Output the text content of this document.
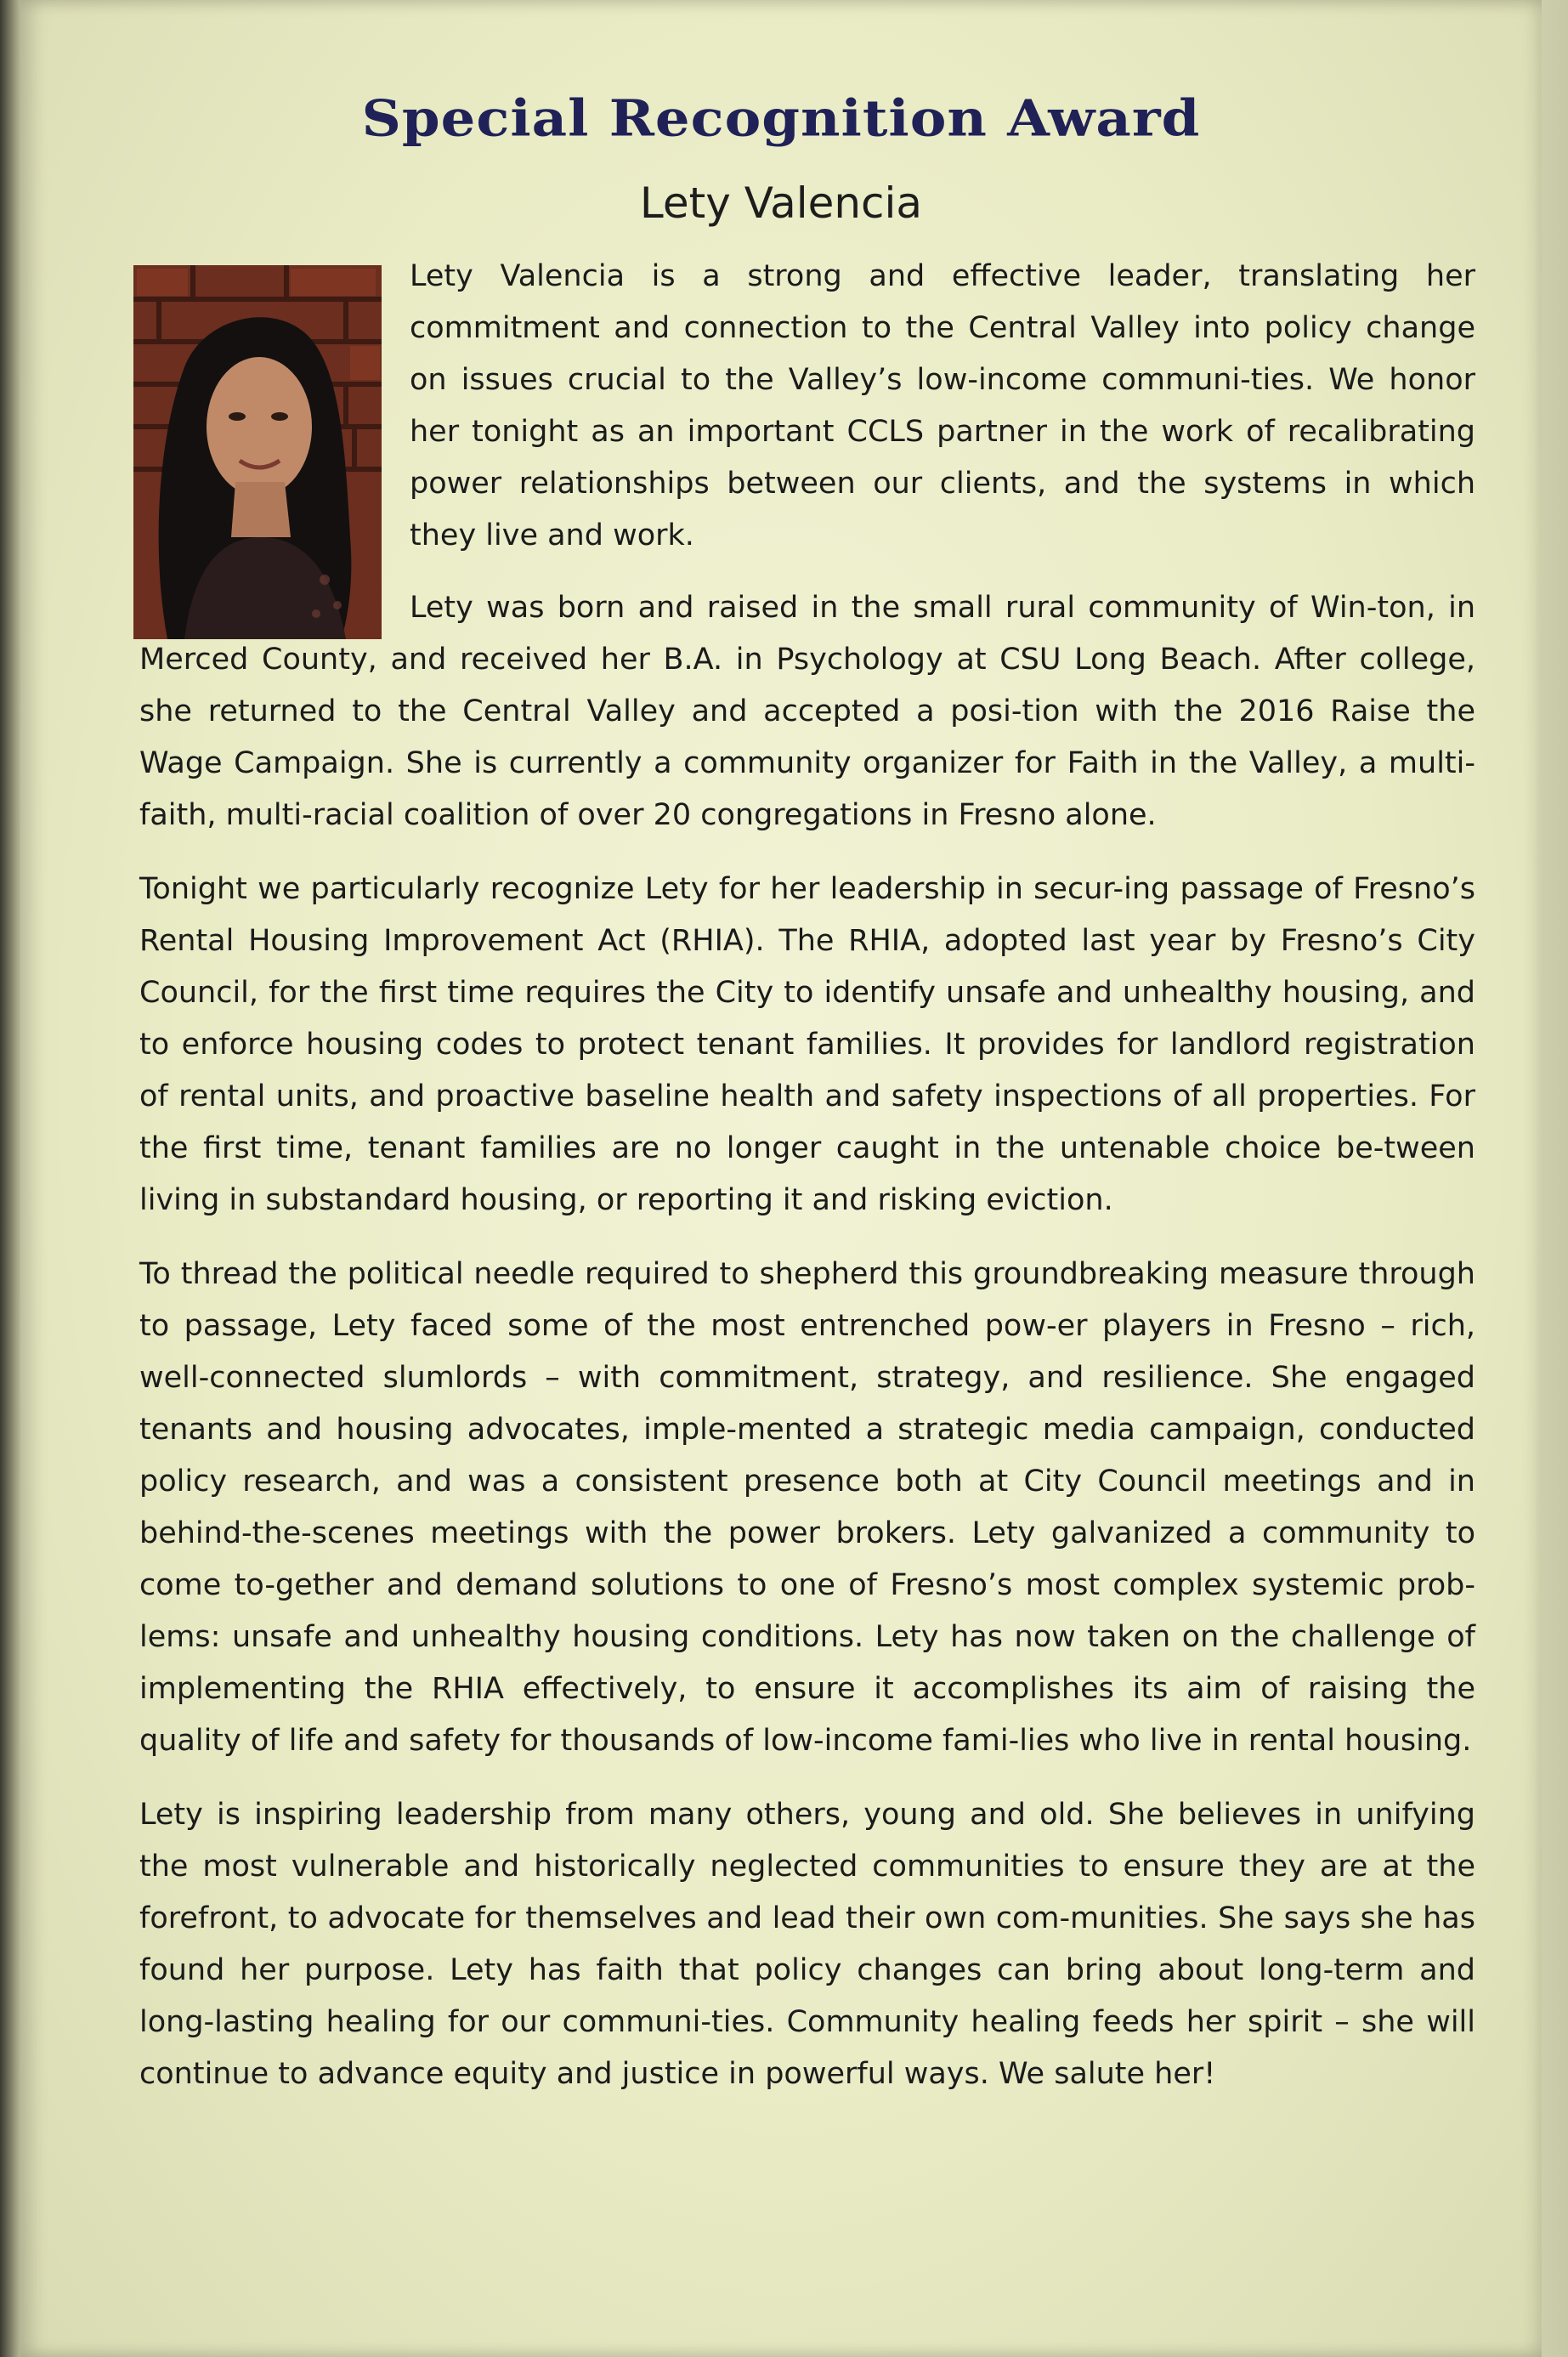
Special Recognition Award
Lety Valencia

Lety Valencia is a strong and effective leader, translating her commitment and connection to the Central Valley into policy change on issues crucial to the Valley’s low-income communi-ties. We honor her tonight as an important CCLS partner in the work of recalibrating power relationships between our clients, and the systems in which they live and work.

Lety was born and raised in the small rural community of Win-ton, in Merced County, and received her B.A. in Psychology at CSU Long Beach. After college, she returned to the Central Valley and accepted a posi-tion with the 2016 Raise the Wage Campaign. She is currently a community organizer for Faith in the Valley, a multi-faith, multi-racial coalition of over 20 congregations in Fresno alone.

Tonight we particularly recognize Lety for her leadership in secur-ing passage of Fresno’s Rental Housing Improvement Act (RHIA). The RHIA, adopted last year by Fresno’s City Council, for the first time requires the City to identify unsafe and unhealthy housing, and to enforce housing codes to protect tenant families. It provides for landlord registration of rental units, and proactive baseline health and safety inspections of all properties. For the first time, tenant families are no longer caught in the untenable choice be-tween living in substandard housing, or reporting it and risking eviction.

To thread the political needle required to shepherd this groundbreaking measure through to passage, Lety faced some of the most entrenched pow-er players in Fresno – rich, well-connected slumlords – with commitment, strategy, and resilience. She engaged tenants and housing advocates, imple-mented a strategic media campaign, conducted policy research, and was a consistent presence both at City Council meetings and in behind-the-scenes meetings with the power brokers. Lety galvanized a community to come to-gether and demand solutions to one of Fresno’s most complex systemic prob-lems: unsafe and unhealthy housing conditions. Lety has now taken on the challenge of implementing the RHIA effectively, to ensure it accomplishes its aim of raising the quality of life and safety for thousands of low-income fami-lies who live in rental housing.

Lety is inspiring leadership from many others, young and old. She believes in unifying the most vulnerable and historically neglected communities to ensure they are at the forefront, to advocate for themselves and lead their own com-munities. She says she has found her purpose. Lety has faith that policy changes can bring about long-term and long-lasting healing for our communi-ties. Community healing feeds her spirit – she will continue to advance equity and justice in powerful ways. We salute her!
